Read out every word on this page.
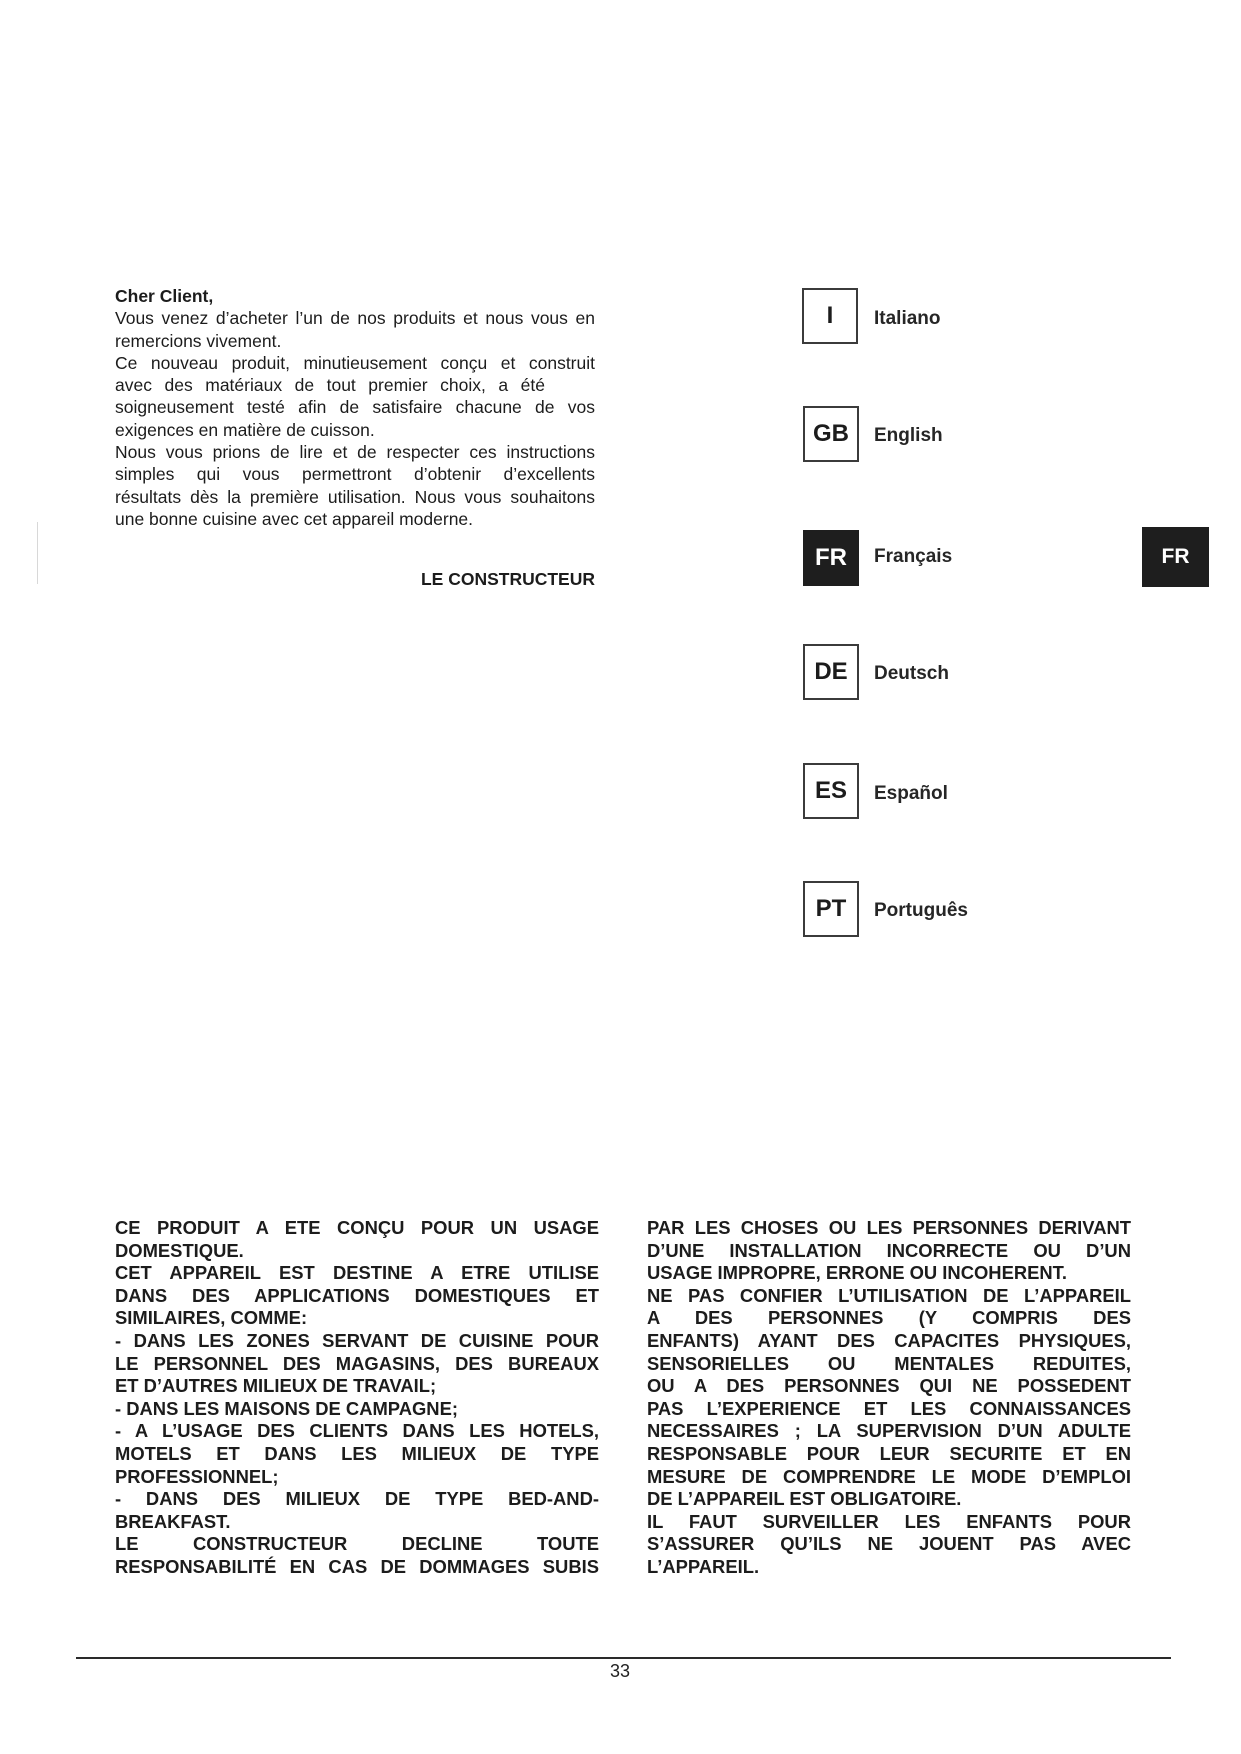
Cher Client,
Vous venez d’acheter l’un de nos produits et nous vous en
remercions vivement.
Ce nouveau produit, minutieusement conçu et construit
avec des matériaux de tout premier choix, a été
soigneusement testé afin de satisfaire chacune de vos
exigences en matière de cuisson.
Nous vous prions de lire et de respecter ces instructions
simples qui vous permettront d’obtenir d’excellents
résultats dès la première utilisation. Nous vous souhaitons
une bonne cuisine avec cet appareil moderne.
LE CONSTRUCTEUR
I	Italiano
GB	English
FR	Français
DE	Deutsch
ES	Español
PT	Português
FR
CE PRODUIT A ETE CONÇU POUR UN USAGE
DOMESTIQUE.
CET APPAREIL EST DESTINE A ETRE UTILISE
DANS DES APPLICATIONS DOMESTIQUES ET
SIMILAIRES, COMME:
- DANS LES ZONES SERVANT DE CUISINE POUR
LE PERSONNEL DES MAGASINS, DES BUREAUX
ET D’AUTRES MILIEUX DE TRAVAIL;
- DANS LES MAISONS DE CAMPAGNE;
- A L’USAGE DES CLIENTS DANS LES HOTELS,
MOTELS ET DANS LES MILIEUX DE TYPE
PROFESSIONNEL;
- DANS DES MILIEUX DE TYPE BED-AND-
BREAKFAST.
LE CONSTRUCTEUR DECLINE TOUTE
RESPONSABILITÉ EN CAS DE DOMMAGES SUBIS
PAR LES CHOSES OU LES PERSONNES DERIVANT
D’UNE INSTALLATION INCORRECTE OU D’UN
USAGE IMPROPRE, ERRONE OU INCOHERENT.
NE PAS CONFIER L’UTILISATION DE L’APPAREIL
A DES PERSONNES (Y COMPRIS DES
ENFANTS) AYANT DES CAPACITES PHYSIQUES,
SENSORIELLES OU MENTALES REDUITES,
OU A DES PERSONNES QUI NE POSSEDENT
PAS L’EXPERIENCE ET LES CONNAISSANCES
NECESSAIRES ; LA SUPERVISION D’UN ADULTE
RESPONSABLE POUR LEUR SECURITE ET EN
MESURE DE COMPRENDRE LE MODE D’EMPLOI
DE L’APPAREIL EST OBLIGATOIRE.
IL FAUT SURVEILLER LES ENFANTS POUR
S’ASSURER QU’ILS NE JOUENT PAS AVEC
L’APPAREIL.
33
